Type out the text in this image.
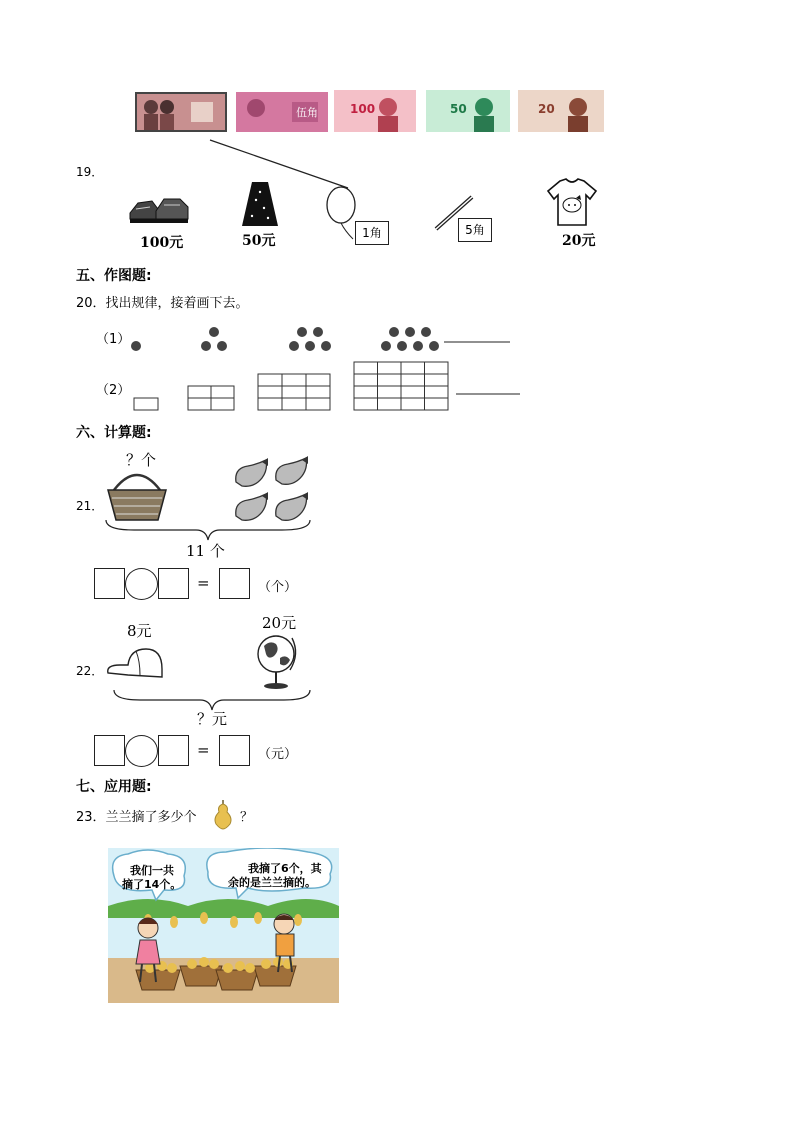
伍角	100	50	20
19．
100元	50元	1角	5角
20元
五、作图题:
20．找出规律，接着画下去。
（1）
（2）
六、计算题:
？个
21．
11 个
=	（个）
8元	20元
22．
？元
=	（元）
七、应用题:
23．兰兰摘了多少个	？
我们一共
摘了14个。
我摘了6个，其
余的是兰兰摘的。
